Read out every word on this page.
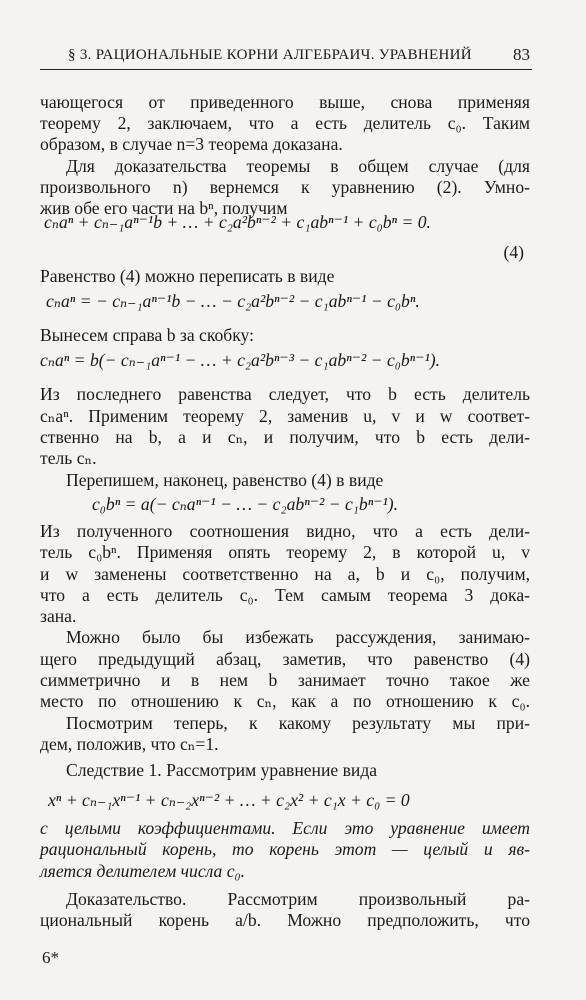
§ 3. РАЦИОНАЛЬНЫЕ КОРНИ АЛГЕБРАИЧ. УРАВНЕНИЙ 83
чающегося от приведенного выше, снова применяя
теорему 2, заключаем, что a есть делитель c₀. Таким
образом, в случае n=3 теорема доказана.
Для доказательства теоремы в общем случае (для
произвольного n) вернемся к уравнению (2). Умно-
жив обе его части на bⁿ, получим
cₙaⁿ + cₙ₋₁aⁿ⁻¹b + … + c₂a²bⁿ⁻² + c₁abⁿ⁻¹ + c₀bⁿ = 0.
(4)
Равенство (4) можно переписать в виде
cₙaⁿ = − cₙ₋₁aⁿ⁻¹b − … − c₂a²bⁿ⁻² − c₁abⁿ⁻¹ − c₀bⁿ.
Вынесем справа b за скобку:
cₙaⁿ = b(− cₙ₋₁aⁿ⁻¹ − … + c₂a²bⁿ⁻³ − c₁abⁿ⁻² − c₀bⁿ⁻¹).
Из последнего равенства следует, что b есть делитель
cₙaⁿ. Применим теорему 2, заменив u, v и w соответ-
ственно на b, a и cₙ, и получим, что b есть дели-
тель cₙ.
Перепишем, наконец, равенство (4) в виде
c₀bⁿ = a(− cₙaⁿ⁻¹ − … − c₂abⁿ⁻² − c₁bⁿ⁻¹).
Из полученного соотношения видно, что a есть дели-
тель c₀bⁿ. Применяя опять теорему 2, в которой u, v
и w заменены соответственно на a, b и c₀, получим,
что a есть делитель c₀. Тем самым теорема 3 дока-
зана.
Можно было бы избежать рассуждения, занимаю-
щего предыдущий абзац, заметив, что равенство (4)
симметрично и в нем b занимает точно такое же
место по отношению к cₙ, как a по отношению к c₀.
Посмотрим теперь, к какому результату мы при-
дем, положив, что cₙ=1.
Следствие 1. Рассмотрим уравнение вида
xⁿ + cₙ₋₁xⁿ⁻¹ + cₙ₋₂xⁿ⁻² + … + c₂x² + c₁x + c₀ = 0
с целыми коэффициентами. Если это уравнение имеет
рациональный корень, то корень этот — целый и яв-
ляется делителем числа c₀.
Доказательство. Рассмотрим произвольный ра-
циональный корень a/b. Можно предположить, что
6*
